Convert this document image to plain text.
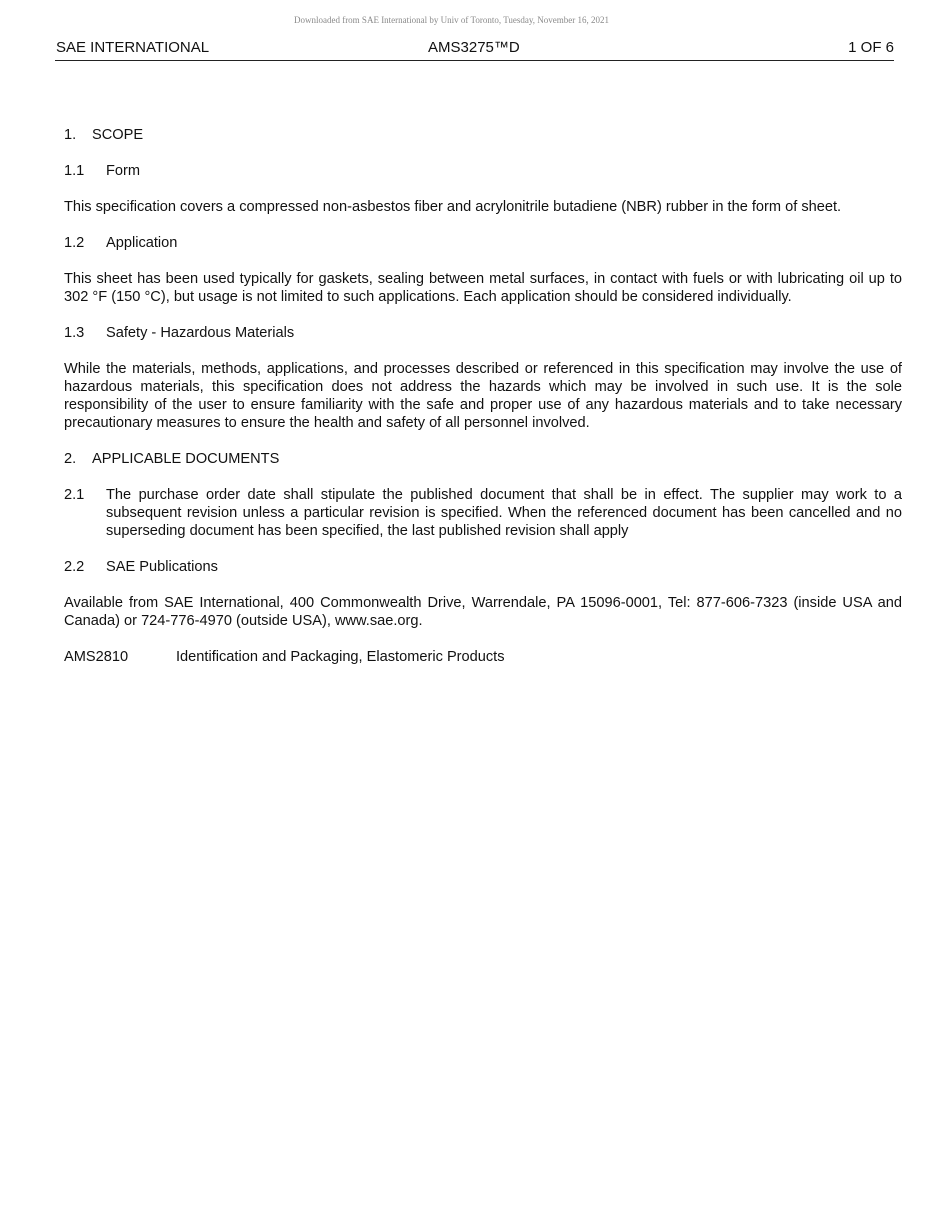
Downloaded from SAE International by Univ of Toronto, Tuesday, November 16, 2021
SAE INTERNATIONAL	AMS3275™D	1 OF 6
1. SCOPE
1.1 Form

This specification covers a compressed non-asbestos fiber and acrylonitrile butadiene (NBR) rubber in the form of sheet.

1.2 Application

This sheet has been used typically for gaskets, sealing between metal surfaces, in contact with fuels or with lubricating oil up to 302 °F (150 °C), but usage is not limited to such applications. Each application should be considered individually.

1.3 Safety - Hazardous Materials

While the materials, methods, applications, and processes described or referenced in this specification may involve the use of hazardous materials, this specification does not address the hazards which may be involved in such use. It is the sole responsibility of the user to ensure familiarity with the safe and proper use of any hazardous materials and to take necessary precautionary measures to ensure the health and safety of all personnel involved.

2. APPLICABLE DOCUMENTS
2.1	The purchase order date shall stipulate the published document that shall be in effect. The supplier may work to a subsequent revision unless a particular revision is specified. When the referenced document has been cancelled and no superseding document has been specified, the last published revision shall apply
2.2 SAE Publications

Available from SAE International, 400 Commonwealth Drive, Warrendale, PA 15096-0001, Tel: 877-606-7323 (inside USA and Canada) or 724-776-4970 (outside USA), www.sae.org.

AMS2810	Identification and Packaging, Elastomeric Products
